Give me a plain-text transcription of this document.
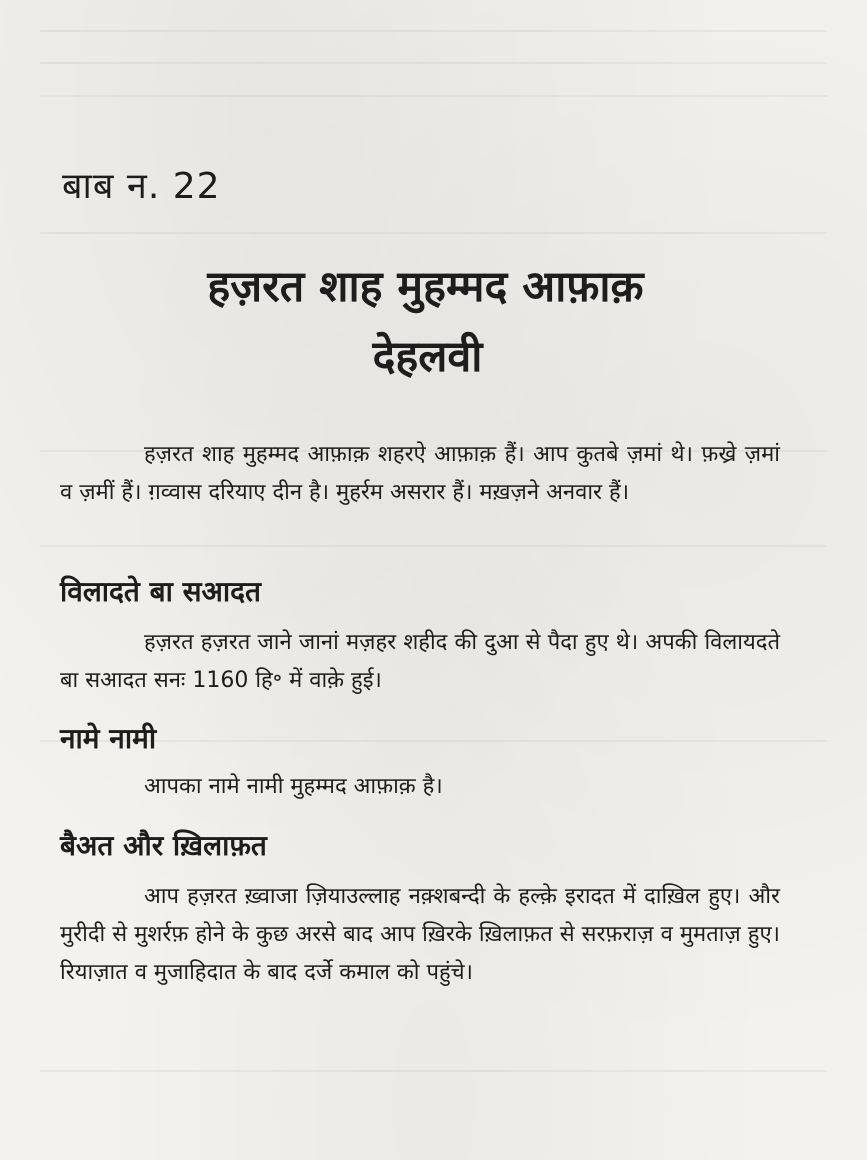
बाब न. 22
हज़रत शाह मुहम्मद आफ़ाक़
देहलवी
हज़रत शाह मुहम्मद आफ़ाक़ शहरऐ आफ़ाक़ हैं। आप कुतबे ज़मां थे। फ़ख्रे ज़मां व ज़मीं हैं। ग़व्वास दरियाए दीन है। मुहर्रम असरार हैं। मख़ज़ने अनवार हैं।
विलादते बा सआदत
हज़रत हज़रत जाने जानां मज़हर शहीद की दुआ से पैदा हुए थे। अपकी विलायदते बा सआदत सनः 1160 हि॰ में वाके़ हुई।
नामे नामी
आपका नामे नामी मुहम्मद आफ़ाक़ है।
बैअत और ख़िलाफ़त
आप हज़रत ख़्वाजा ज़ियाउल्लाह नक़्शबन्दी के हल्क़े इरादत में दाख़िल हुए। और मुरीदी से मुशर्रफ़ होने के कुछ अरसे बाद आप ख़िरके ख़िलाफ़त से सरफ़राज़ व मुमताज़ हुए। रियाज़ात व मुजाहिदात के बाद दर्जे कमाल को पहुंचे।
